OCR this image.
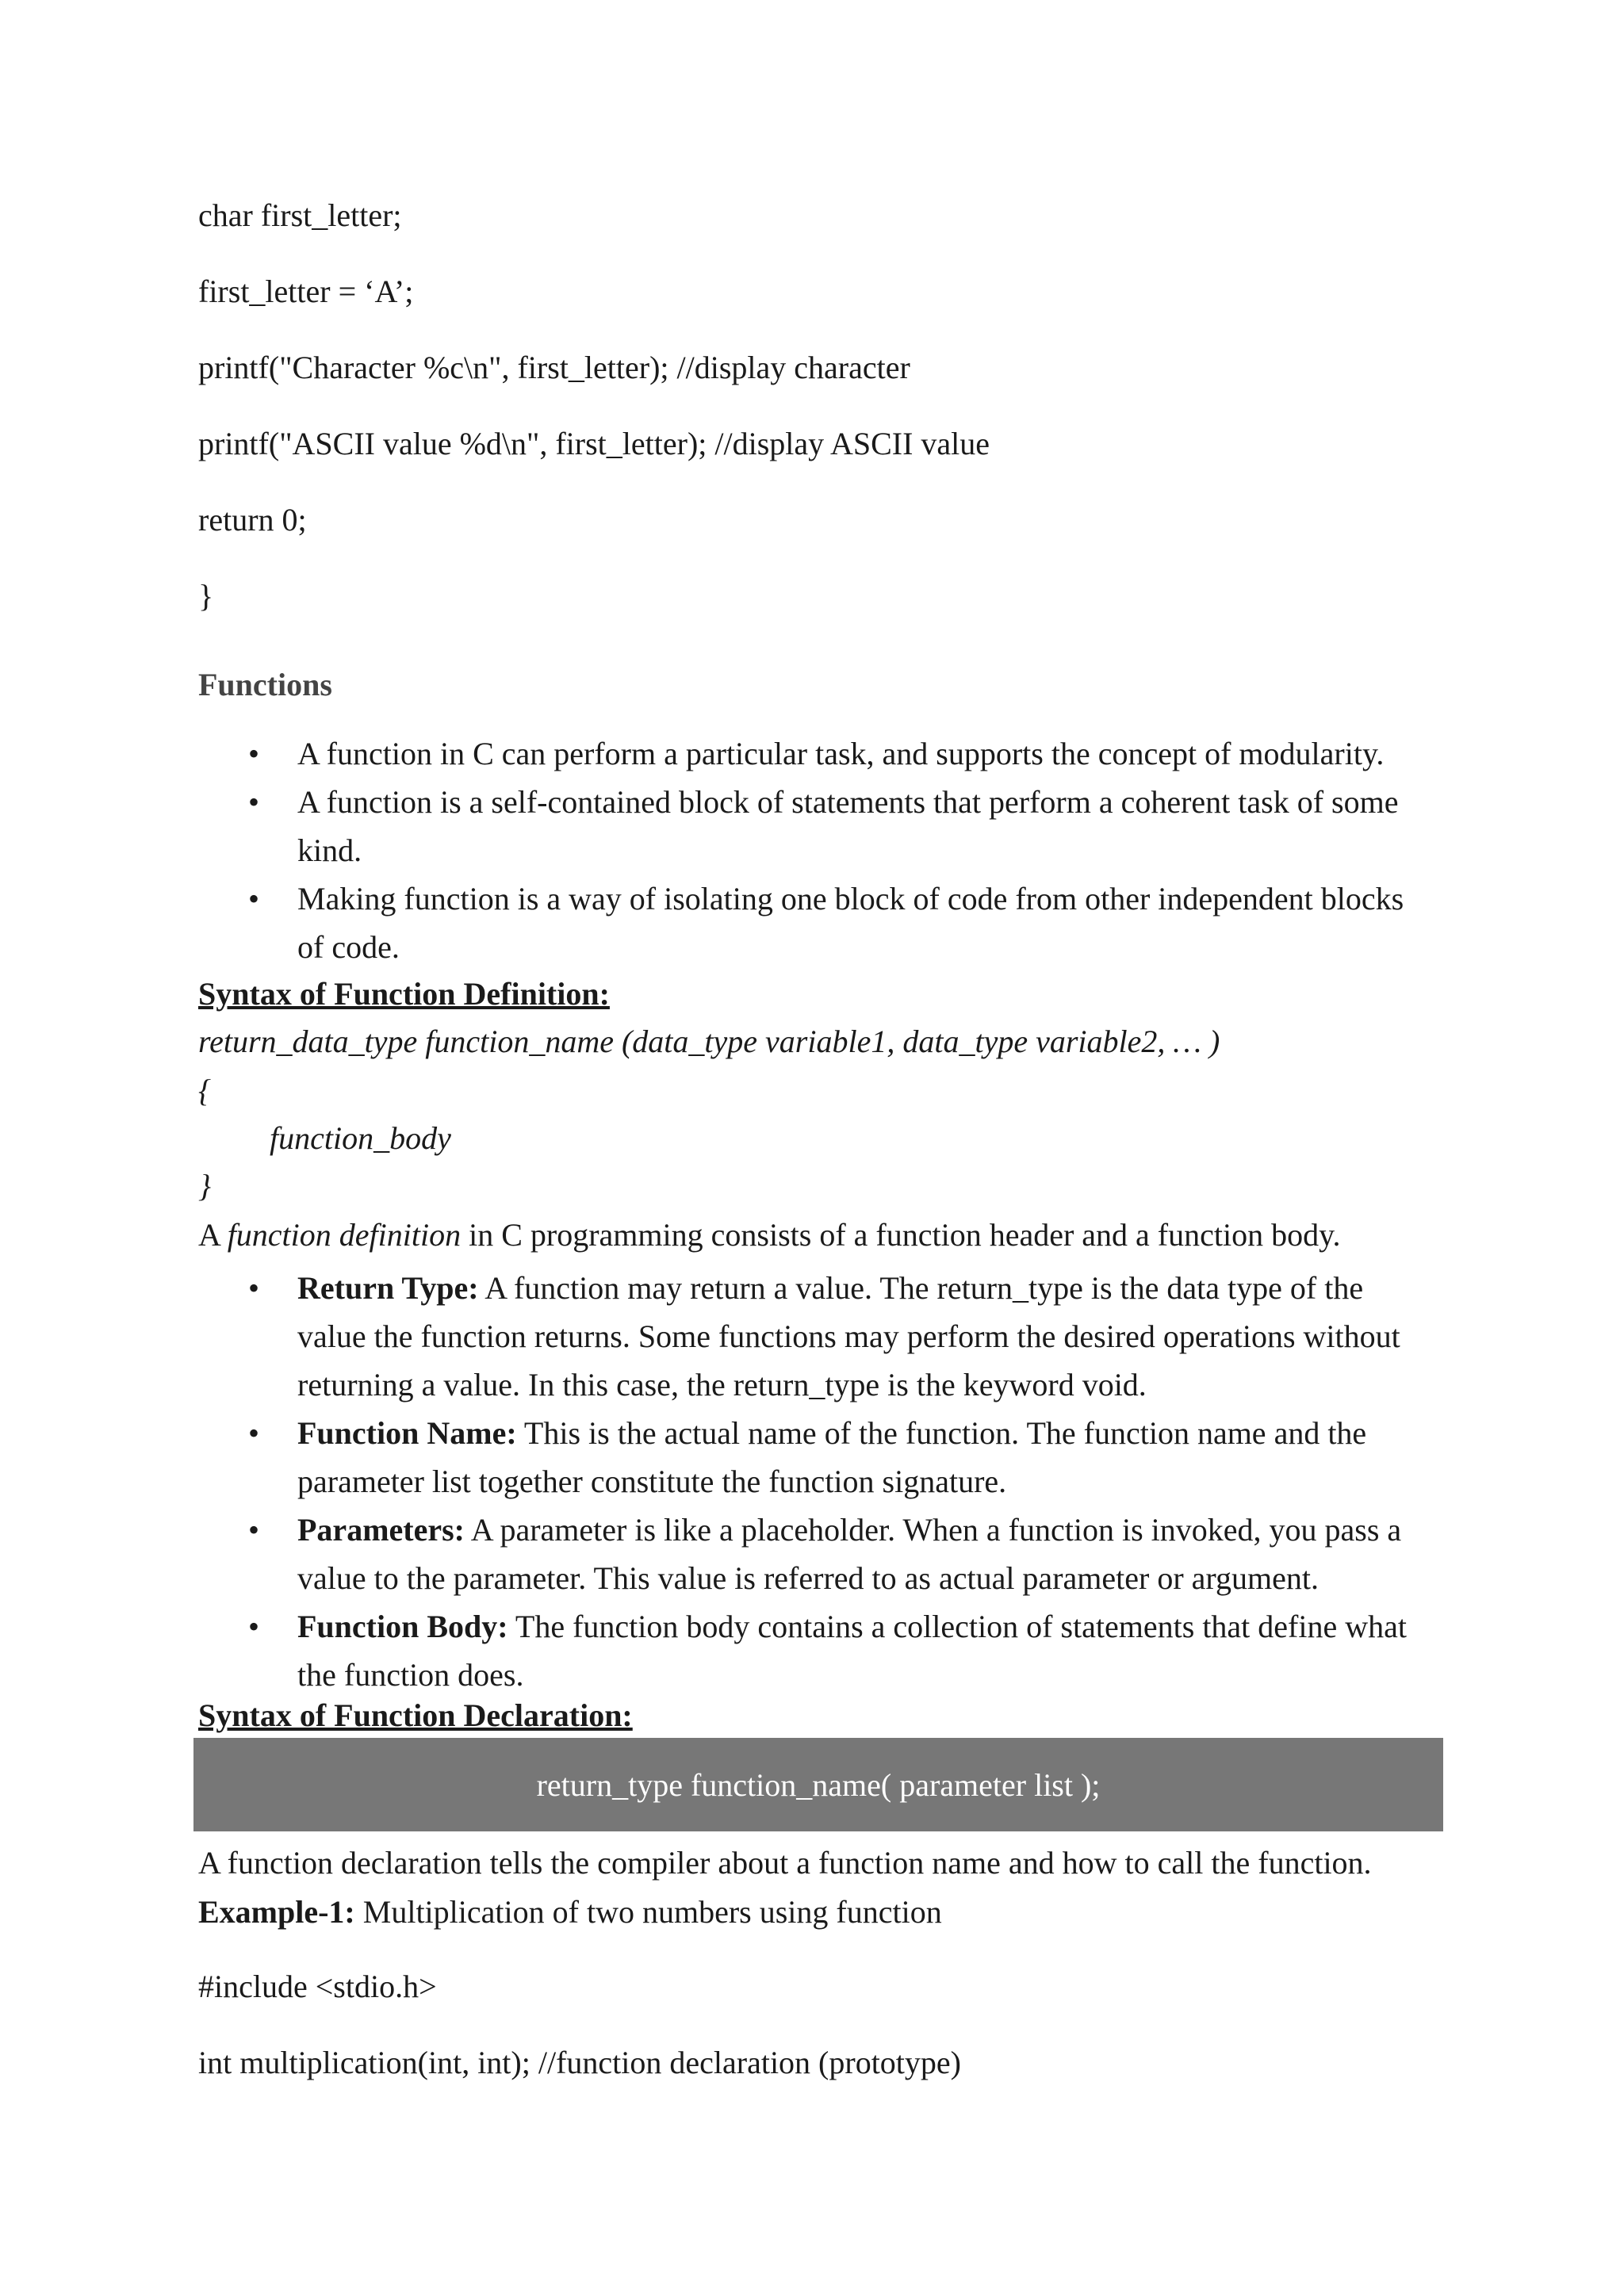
char first_letter;
first_letter = ‘A’;
printf("Character %c\n", first_letter); //display character
printf("ASCII value %d\n", first_letter); //display ASCII value
return 0;
}
Functions
• A function in C can perform a particular task, and supports the concept of modularity.
• A function is a self-contained block of statements that perform a coherent task of some kind.
• Making function is a way of isolating one block of code from other independent blocks of code.
Syntax of Function Definition:
return_data_type function_name (data_type variable1, data_type variable2, … )
{
function_body
}
A function definition in C programming consists of a function header and a function body.
• Return Type: A function may return a value. The return_type is the data type of the value the function returns. Some functions may perform the desired operations without returning a value. In this case, the return_type is the keyword void.
• Function Name: This is the actual name of the function. The function name and the parameter list together constitute the function signature.
• Parameters: A parameter is like a placeholder. When a function is invoked, you pass a value to the parameter. This value is referred to as actual parameter or argument.
• Function Body: The function body contains a collection of statements that define what the function does.
Syntax of Function Declaration:
return_type function_name( parameter list );
A function declaration tells the compiler about a function name and how to call the function.
Example-1: Multiplication of two numbers using function
#include <stdio.h>
int multiplication(int, int); //function declaration (prototype)
